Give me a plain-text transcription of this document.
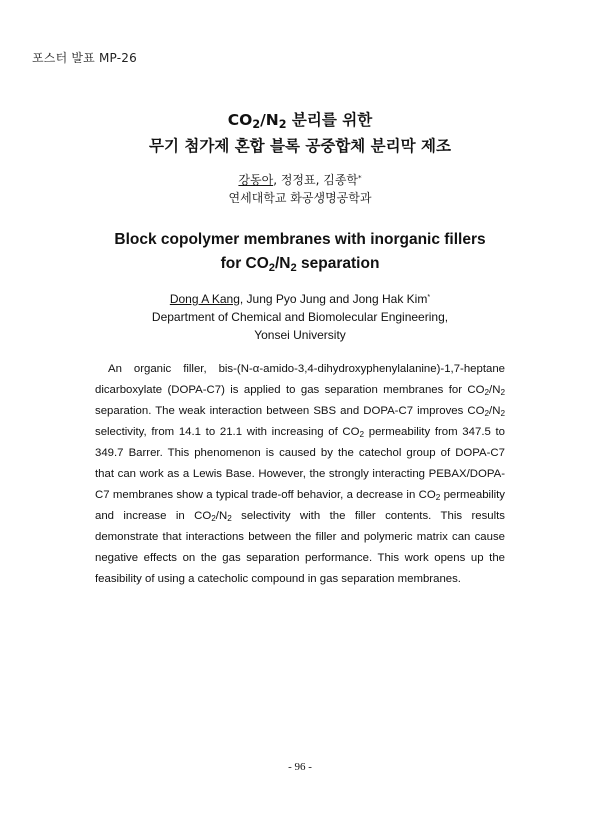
포스터 발표 MP-26
$CO_2/N_2$ 분리를 위한
무기 첨가제 혼합 블록 공중합체 분리막 제조
강동아, 정정표, 김종학*
연세대학교 화공생명공학과
Block copolymer membranes with inorganic fillers
for $CO_2/N_2$ separation
Dong A Kang, Jung Pyo Jung and Jong Hak Kim*
Department of Chemical and Biomolecular Engineering,
Yonsei University

An organic filler, bis-(N-α-amido-3,4-dihydroxyphenylalanine)-1,7-heptane dicarboxylate (DOPA-C7) is applied to gas separation membranes for $CO_2/N_2$ separation. The weak interaction between SBS and DOPA-C7 improves $CO_2/N_2$ selectivity, from 14.1 to 21.1 with increasing of $CO_2$ permeability from 347.5 to 349.7 Barrer. This phenomenon is caused by the catechol group of DOPA-C7 that can work as a Lewis Base. However, the strongly interacting PEBAX/DOPA-C7 membranes show a typical trade-off behavior, a decrease in $CO_2$ permeability and increase in $CO_2/N_2$ selectivity with the filler contents. This results demonstrate that interactions between the filler and polymeric matrix can cause negative effects on the gas separation performance. This work opens up the feasibility of using a catecholic compound in gas separation membranes.

- 96 -
